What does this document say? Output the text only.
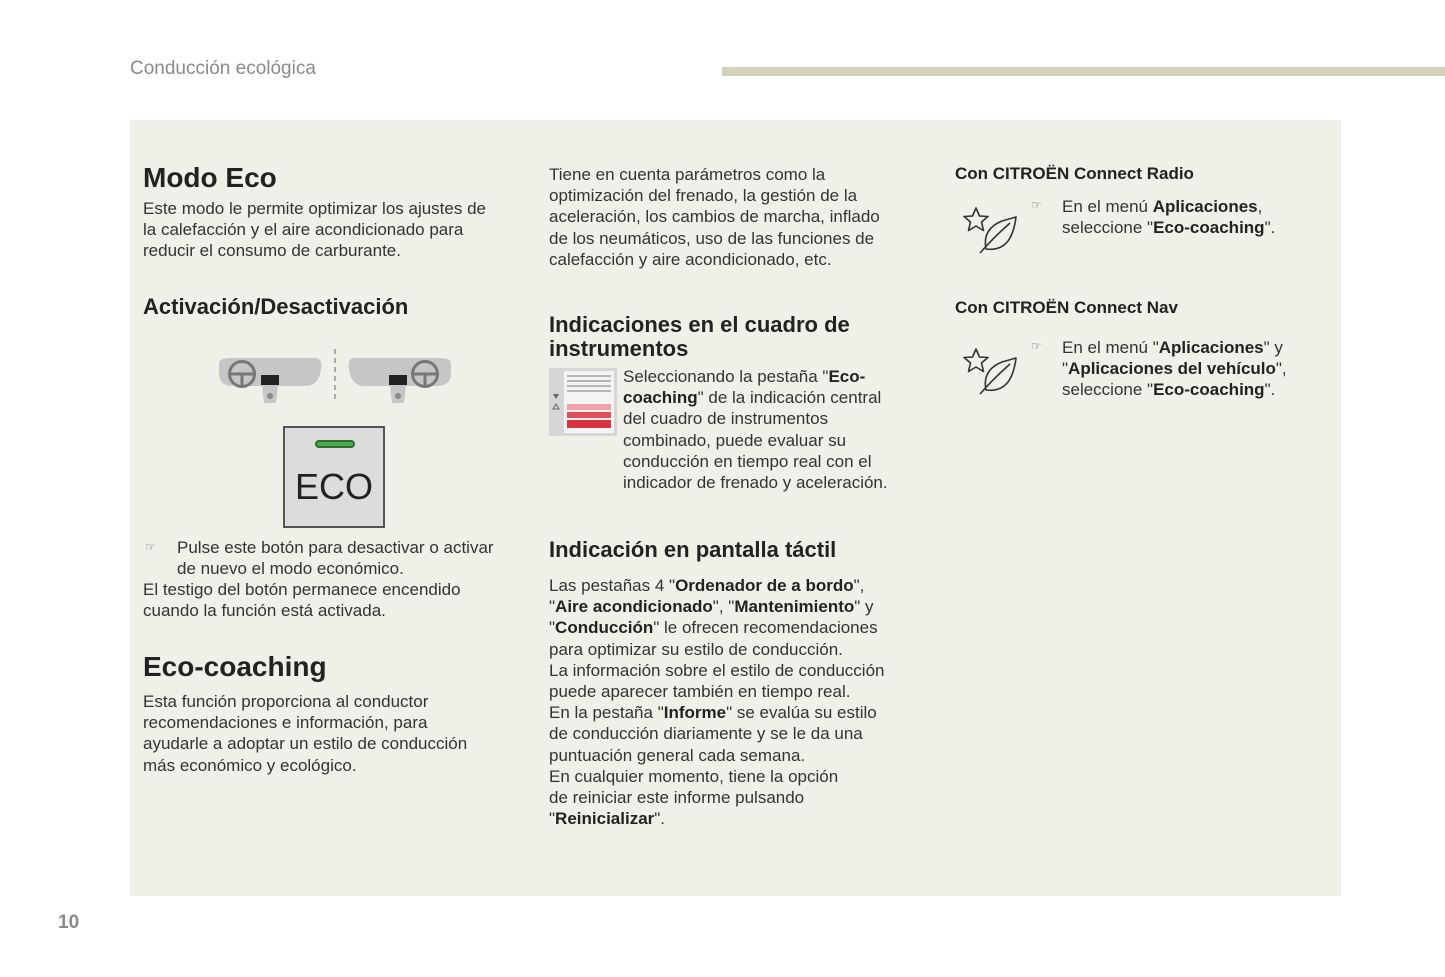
Conducción ecológica
Modo Eco
Este modo le permite optimizar los ajustes de
la calefacción y el aire acondicionado para
reducir el consumo de carburante.
Activación/Desactivación
ECO
☞ Pulse este botón para desactivar o activar
de nuevo el modo económico.
El testigo del botón permanece encendido
cuando la función está activada.
Eco-coaching
Esta función proporciona al conductor
recomendaciones e información, para
ayudarle a adoptar un estilo de conducción
más económico y ecológico.
Tiene en cuenta parámetros como la
optimización del frenado, la gestión de la
aceleración, los cambios de marcha, inflado
de los neumáticos, uso de las funciones de
calefacción y aire acondicionado, etc.
Indicaciones en el cuadro de
instrumentos
Seleccionando la pestaña "Eco-
coaching" de la indicación central
del cuadro de instrumentos
combinado, puede evaluar su
conducción en tiempo real con el
indicador de frenado y aceleración.
Indicación en pantalla táctil
Las pestañas 4 "Ordenador de a bordo",
"Aire acondicionado", "Mantenimiento" y
"Conducción" le ofrecen recomendaciones
para optimizar su estilo de conducción.
La información sobre el estilo de conducción
puede aparecer también en tiempo real.
En la pestaña "Informe" se evalúa su estilo
de conducción diariamente y se le da una
puntuación general cada semana.
En cualquier momento, tiene la opción
de reiniciar este informe pulsando
"Reinicializar".
Con CITROËN Connect Radio
☞ En el menú Aplicaciones,
seleccione "Eco-coaching".
Con CITROËN Connect Nav
☞ En el menú "Aplicaciones" y
"Aplicaciones del vehículo",
seleccione "Eco-coaching".
10
